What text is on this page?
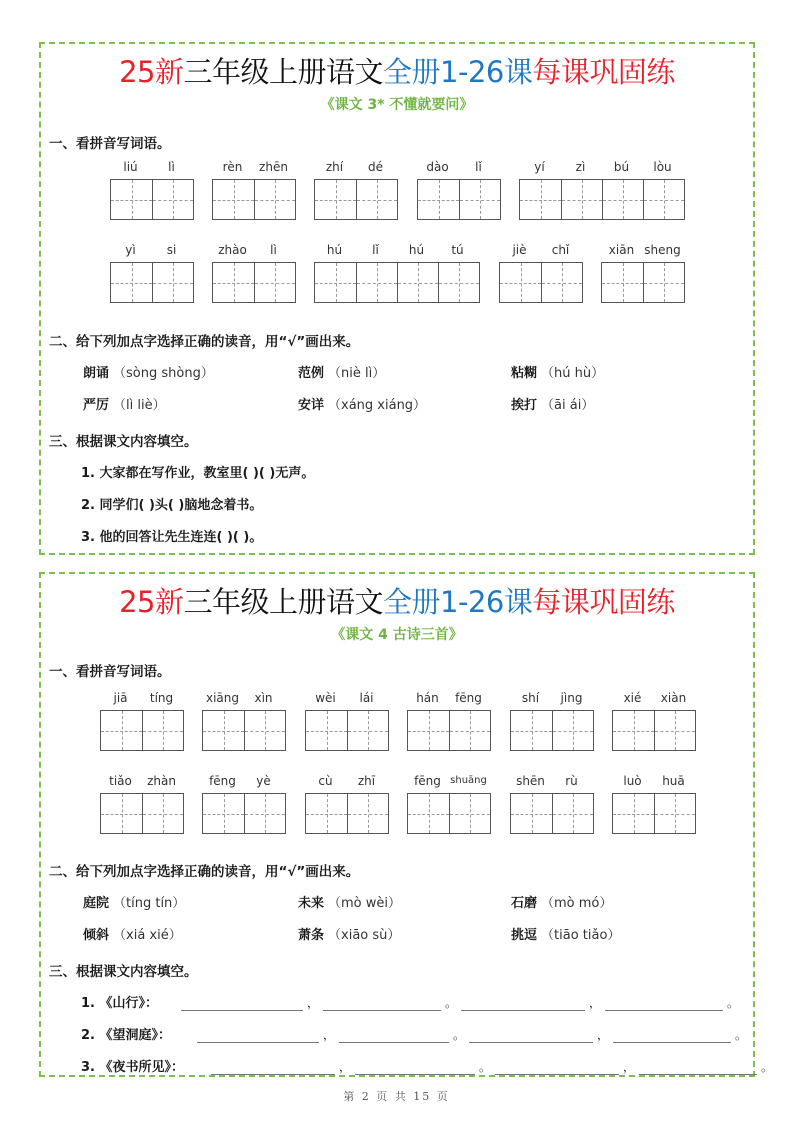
25新三年级上册语文全册1-26课每课巩固练
《课文 3* 不懂就要问》
一、看拼音写词语。
liú	lì	rèn	zhēn	zhí	dé	dào	lǐ	yí	zì	bú	lòu
yì	si	zhào	lì	hú	lǐ	hú	tú	jiè	chǐ	xiān sheng
二、给下列加点字选择正确的读音，用“√”画出来。
朗诵 （sòng shòng）	范例 （niè lì）	粘糊 （hú hù）
严厉 （lì liè）	安详 （xáng xiáng）	挨打 （āi ái）
三、根据课文内容填空。
1. 大家都在写作业，教室里( )( )无声。
2. 同学们( )头( )脑地念着书。
3. 他的回答让先生连连( )( )。
25新三年级上册语文全册1-26课每课巩固练
《课文 4 古诗三首》
一、看拼音写词语。
jiā	tíng	xiāng	xìn	wèi	lái	hán	fēng	shí	jìng	xié	xiàn
tiǎo	zhàn	fēng	yè	cù	zhī	fēng shuāng	shēn	rù	luò	huā
二、给下列加点字选择正确的读音，用“√”画出来。
庭院 （tíng tín）	未来 （mò wèi）	石磨 （mò mó）
倾斜 （xiá xié）	萧条 （xiāo sù）	挑逗 （tiāo tiǎo）
三、根据课文内容填空。
1. 《山行》：	，	。	，	。
2. 《望洞庭》：	，	。	，	。
3. 《夜书所见》：	，	。	，	。
第 2 页 共 15 页
